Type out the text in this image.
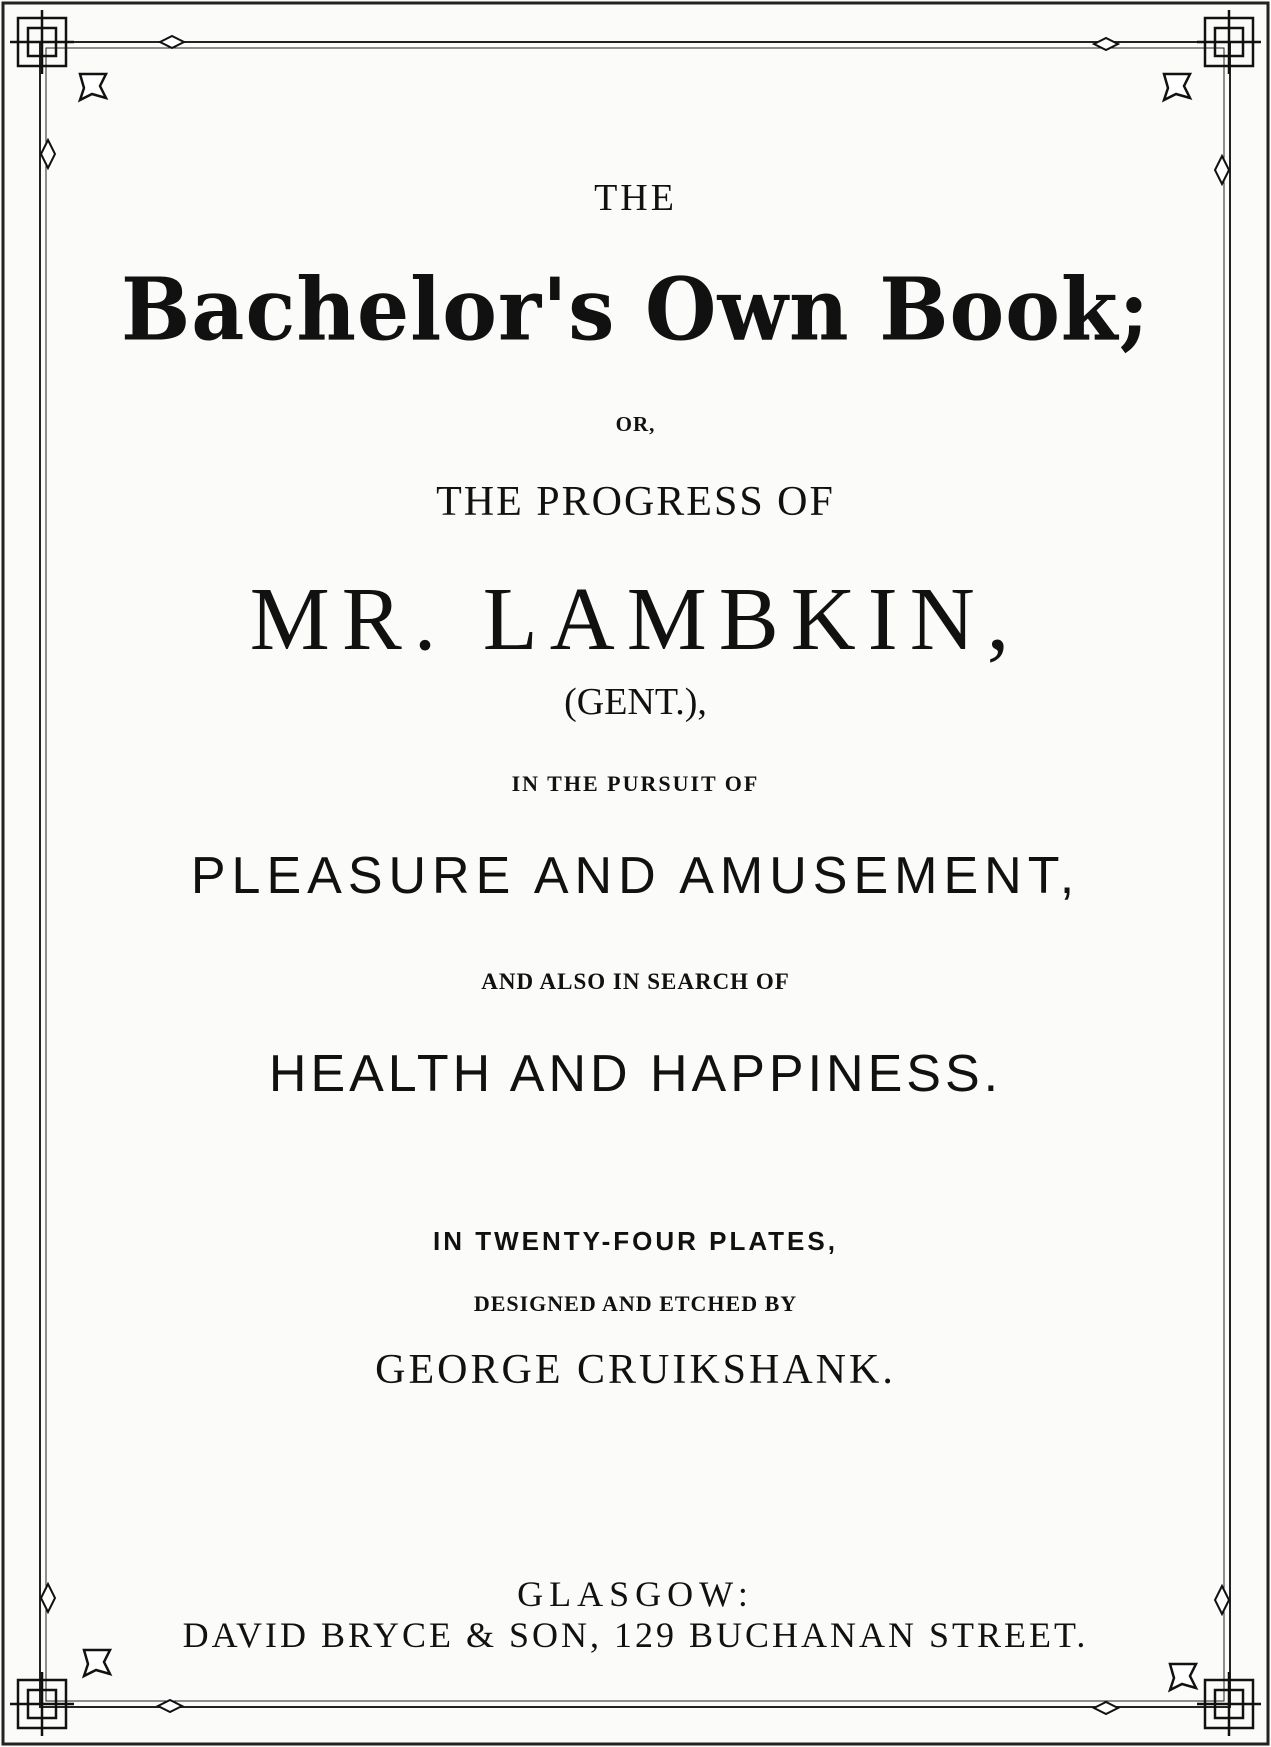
THE
Bachelor's Own Book;
OR,
THE PROGRESS OF
MR. LAMBKIN,
(GENT.),
IN THE PURSUIT OF
PLEASURE AND AMUSEMENT,
AND ALSO IN SEARCH OF
HEALTH AND HAPPINESS.
IN TWENTY-FOUR PLATES,
DESIGNED AND ETCHED BY
GEORGE CRUIKSHANK.
GLASGOW:
DAVID BRYCE & SON, 129 BUCHANAN STREET.
